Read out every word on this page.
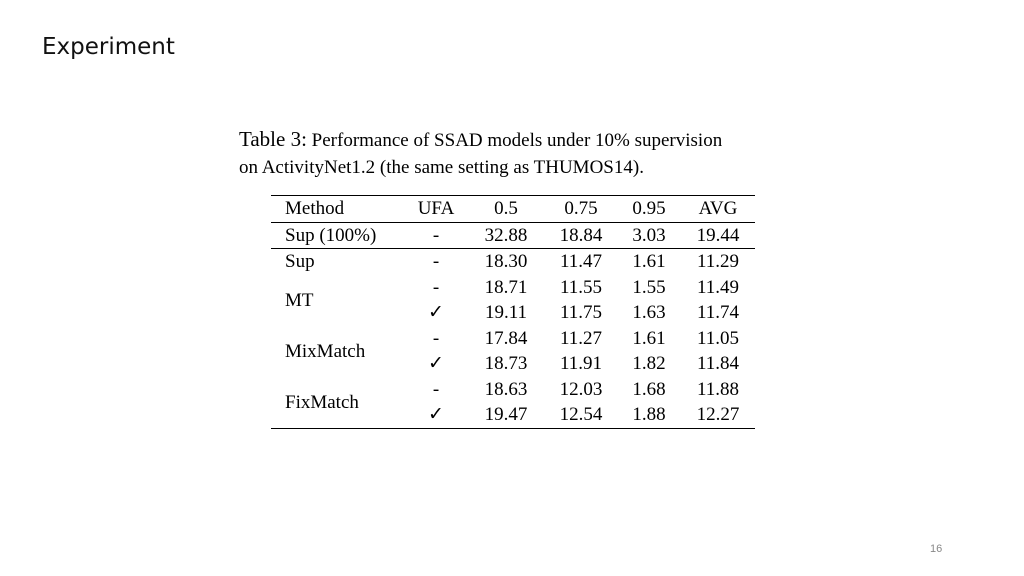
Experiment
Table 3: Performance of SSAD models under 10% supervision
on ActivityNet1.2 (the same setting as THUMOS14).
Method	UFA	0.5	0.75	0.95	AVG
Sup (100%)	-	32.88	18.84	3.03	19.44
Sup	-	18.30	11.47	1.61	11.29
MT	-	18.71	11.55	1.55	11.49
	✓	19.11	11.75	1.63	11.74
MixMatch	-	17.84	11.27	1.61	11.05
	✓	18.73	11.91	1.82	11.84
FixMatch	-	18.63	12.03	1.68	11.88
	✓	19.47	12.54	1.88	12.27
16
